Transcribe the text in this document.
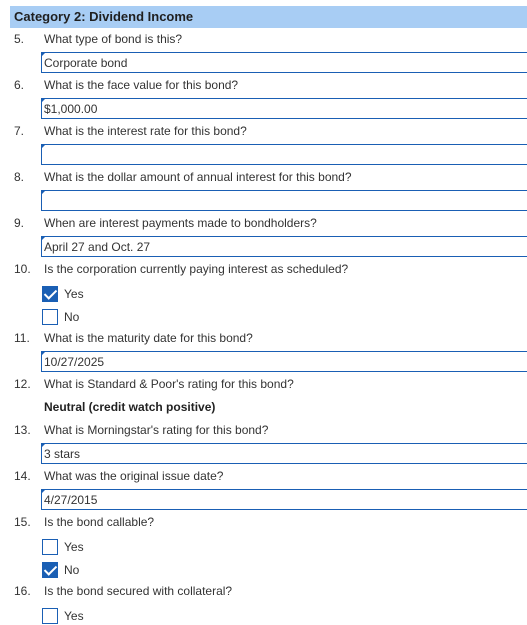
Category 2: Dividend Income
5. What type of bond is this?
Corporate bond
6. What is the face value for this bond?
$1,000.00
7. What is the interest rate for this bond?
8. What is the dollar amount of annual interest for this bond?
9. When are interest payments made to bondholders?
April 27 and Oct. 27
10. Is the corporation currently paying interest as scheduled?
Yes
No
11. What is the maturity date for this bond?
10/27/2025
12. What is Standard & Poor's rating for this bond?
Neutral (credit watch positive)
13. What is Morningstar's rating for this bond?
3 stars
14. What was the original issue date?
4/27/2015
15. Is the bond callable?
Yes
No
16. Is the bond secured with collateral?
Yes
